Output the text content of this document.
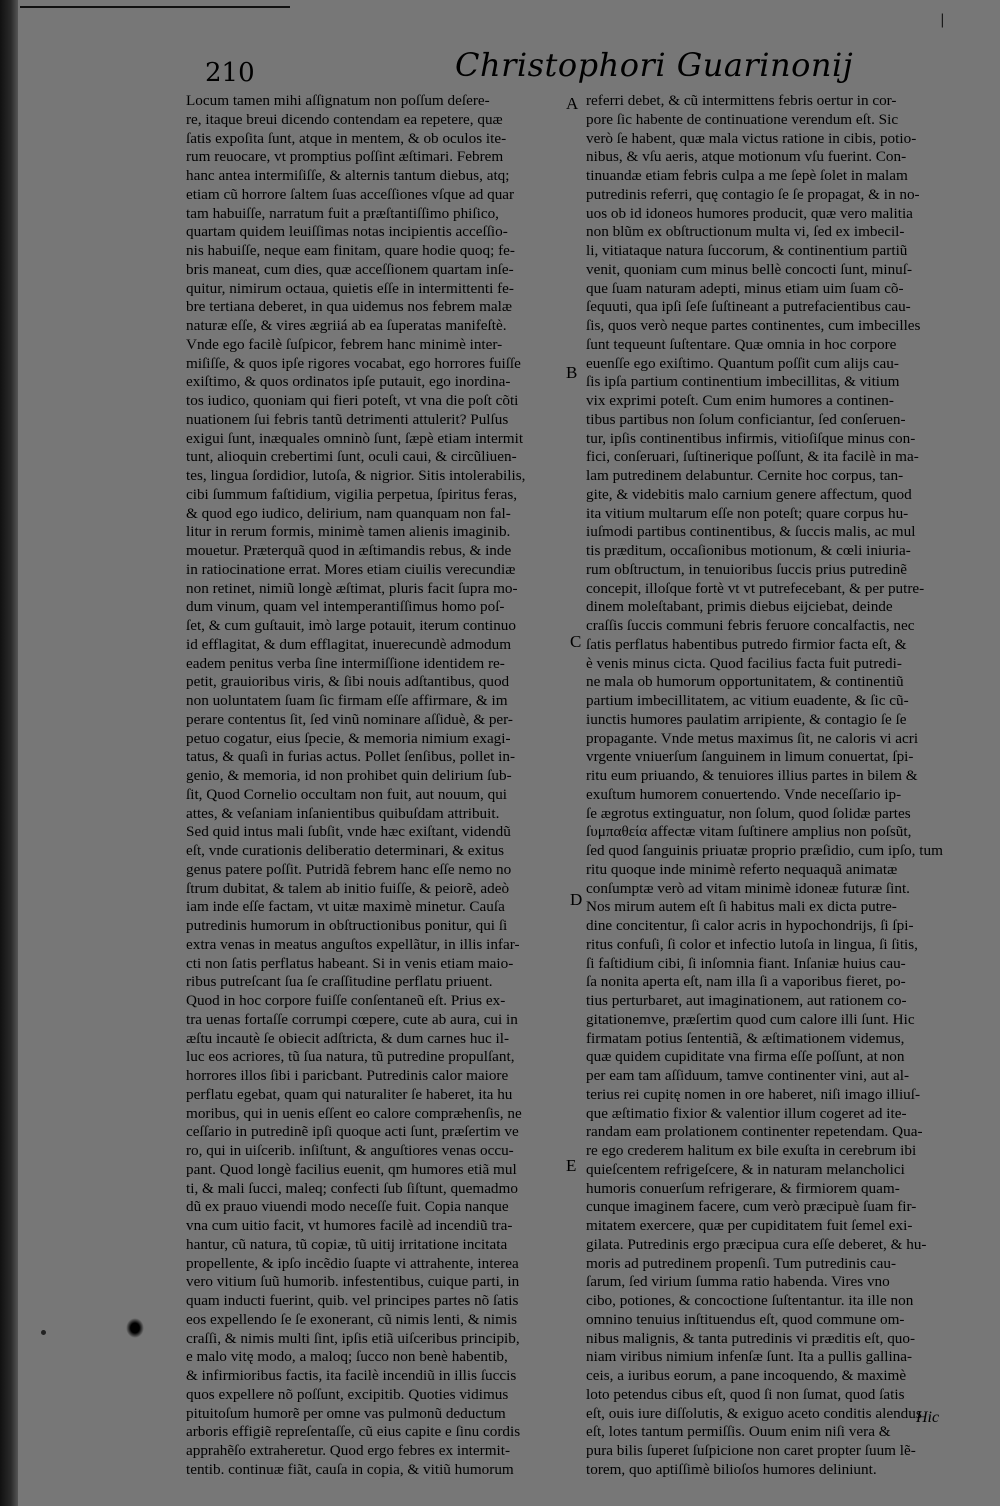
|
210	Christophori Guarinonij

Locum tamen mihi aſſignatum non poſſum deſere-

re, itaque breui dicendo contendam ea repetere, quæ

ſatis expoſita ſunt, atque in mentem, & ob oculos ite-

rum reuocare, vt promptius poſſint æſtimari. Febrem

hanc antea intermiſiſſe, & alternis tantum diebus, atq;

etiam cũ horrore ſaltem ſuas acceſſiones vſque ad quar

tam habuiſſe, narratum fuit a præſtantiſſimo phiſico,

quartam quidem leuiſſimas notas incipientis acceſſio-

nis habuiſſe, neque eam finitam, quare hodie quoq; fe-

bris maneat, cum dies, quæ acceſſionem quartam inſe-

quitur, nimirum octaua, quietis eſſe in intermittenti fe-

bre tertiana deberet, in qua uidemus nos febrem malæ

naturæ eſſe, & vires ægriiá ab ea ſuperatas manifeſtè.

Vnde ego facilè ſuſpicor, febrem hanc minimè inter-

miſiſſe, & quos ipſe rigores vocabat, ego horrores fuiſſe

exiſtimo, & quos ordinatos ipſe putauit, ego inordina-

tos iudico, quoniam qui fieri poteſt, vt vna die poſt cõti

nuationem ſui febris tantũ detrimenti attulerit? Pulſus

exigui ſunt, inæquales omninò ſunt, ſæpè etiam intermit

tunt, alioquin crebertimi ſunt, oculi caui, & circũliuen-

tes, lingua ſordidior, lutoſa, & nigrior. Sitis intolerabilis,

cibi ſummum faſtidium, vigilia perpetua, ſpiritus feras,

& quod ego iudico, delirium, nam quanquam non fal-

litur in rerum formis, minimè tamen alienis imaginib.

mouetur. Præterquã quod in æſtimandis rebus, & inde

in ratiocinatione errat. Mores etiam ciuilis verecundiæ

non retinet, nimiũ longè æſtimat, pluris facit ſupra mo-

dum vinum, quam vel intemperantiſſimus homo poſ-

ſet, & cum guſtauit, imò large potauit, iterum continuo

id efflagitat, & dum efflagitat, inuerecundè admodum

eadem penitus verba ſine intermiſſione identidem re-

petit, grauioribus viris, & ſibi nouis adſtantibus, quod

non uoluntatem ſuam ſic firmam eſſe affirmare, & im

perare contentus ſit, ſed vinũ nominare aſſiduè, & per-

petuo cogatur, eius ſpecie, & memoria nimium exagi-

tatus, & quaſi in furias actus. Pollet ſenſibus, pollet in-

genio, & memoria, id non prohibet quin delirium ſub-

ſit, Quod Cornelio occultam non fuit, aut nouum, qui

attes, & veſaniam inſanientibus quibuſdam attribuit.

Sed quid intus mali ſubſit, vnde hæc exiſtant, videndũ

eſt, vnde curationis deliberatio determinari, & exitus

genus patere poſſit. Putridã febrem hanc eſſe nemo no

ſtrum dubitat, & talem ab initio fuiſſe, & peiorẽ, adeò

iam inde eſſe factam, vt uitæ maximè minetur. Cauſa

putredinis humorum in obſtructionibus ponitur, qui ſi

extra venas in meatus anguſtos expellãtur, in illis infar-

cti non ſatis perflatus habeant. Si in venis etiam maio-

ribus putreſcant ſua ſe craſſitudine perflatu priuent.

Quod in hoc corpore fuiſſe conſentaneũ eſt. Prius ex-

tra uenas fortaſſe corrumpi cœpere, cute ab aura, cui in

æſtu incautè ſe obiecit adſtricta, & dum carnes huc il-

luc eos acriores, tũ ſua natura, tũ putredine propulſant,

horrores illos ſibi i paricbant. Putredinis calor maiore

perflatu egebat, quam qui naturaliter ſe haberet, ita hu

moribus, qui in uenis eſſent eo calore compræhenſis, ne

ceſſario in putredinẽ ipſi quoque acti ſunt, præſertim ve

ro, qui in uiſcerib. inſiſtunt, & anguſtiores venas occu-

pant. Quod longè facilius euenit, qm humores etiã mul

ti, & mali ſucci, maleq; confecti ſub ſiſtunt, quemadmo

dũ ex prauo viuendi modo neceſſe fuit. Copia nanque

vna cum uitio facit, vt humores facilè ad incendiũ tra-

hantur, cũ natura, tũ copiæ, tũ uitij irritatione incitata

propellente, & ipſo incẽdio ſuapte vi attrahente, interea

vero vitium ſuũ humorib. infestentibus, cuique parti, in

quam inducti fuerint, quib. vel principes partes nõ ſatis

eos expellendo ſe ſe exonerant, cũ nimis lenti, & nimis

craſſi, & nimis multi ſint, ipſis etiã uiſceribus principib,

e malo vitę modo, a maloq; ſucco non benè habentib,

& infirmioribus factis, ita facilè incendiũ in illis ſuccis

quos expellere nõ poſſunt, excipitib. Quoties vidimus

pituitoſum humorẽ per omne vas pulmonũ deductum

arboris effigiẽ repreſentaſſe, cũ eius capite e ſinu cordis

apprahẽſo extraheretur. Quod ergo febres ex intermit-

tentib. continuæ fiãt, cauſa in copia, & vitiũ humorum

referri debet, & cũ intermittens febris oertur in cor-

pore ſic habente de continuatione verendum eſt. Sic

verò ſe habent, quæ mala victus ratione in cibis, potio-

nibus, & vſu aeris, atque motionum vſu fuerint. Con-

tinuandæ etiam febris culpa a me ſepè ſolet in malam

putredinis referri, quę contagio ſe ſe propagat, & in no-

uos ob id idoneos humores producit, quæ vero malitia

non blũm ex obſtructionum multa vi, ſed ex imbecil-

li, vitiataque natura ſuccorum, & continentium partiũ

venit, quoniam cum minus bellè concocti ſunt, minuſ-

que ſuam naturam adepti, minus etiam uim ſuam cõ-

ſequuti, qua ipſi ſeſe ſuſtineant a putrefacientibus cau-

ſis, quos verò neque partes continentes, cum imbecilles

ſunt tequeunt ſuſtentare. Quæ omnia in hoc corpore

euenſſe ego exiſtimo. Quantum poſſit cum alijs cau-

ſis ipſa partium continentium imbecillitas, & vitium

vix exprimi poteſt. Cum enim humores a continen-

tibus partibus non ſolum conficiantur, ſed conſeruen-

tur, ipſis continentibus infirmis, vitioſiſque minus con-

fici, conſeruari, ſuſtinerique poſſunt, & ita facilè in ma-

lam putredinem delabuntur. Cernite hoc corpus, tan-

gite, & videbitis malo carnium genere affectum, quod

ita vitium multarum eſſe non poteſt; quare corpus hu-

iuſmodi partibus continentibus, & ſuccis malis, ac mul

tis præditum, occaſionibus motionum, & cœli iniuria-

rum obſtructum, in tenuioribus ſuccis prius putredinẽ

concepit, illoſque fortè vt vt putrefecebant, & per putre-

dinem moleſtabant, primis diebus eijciebat, deinde

craſſis ſuccis communi febris feruore concalfactis, nec

ſatis perflatus habentibus putredo firmior facta eſt, &

è venis minus cicta. Quod facilius facta fuit putredi-

ne mala ob humorum opportunitatem, & continentiũ

partium imbecillitatem, ac vitium euadente, & ſic cũ-

iunctis humores paulatim arripiente, & contagio ſe ſe

propagante. Vnde metus maximus ſit, ne caloris vi acri

vrgente vniuerſum ſanguinem in limum conuertat, ſpi-

ritu eum priuando, & tenuiores illius partes in bilem &

exuſtum humorem conuertendo. Vnde neceſſario ip-

ſe ægrotus extinguatur, non ſolum, quod ſolidæ partes

ſυμπαθεία affectæ vitam ſuſtinere amplius non poſsũt,

ſed quod ſanguinis priuatæ proprio præſidio, cum ipſo, tum

ritu quoque inde minimè referto nequaquã animatæ

conſumptæ verò ad vitam minimè idoneæ futuræ ſint.

Nos mirum autem eſt ſi habitus mali ex dicta putre-

dine concitentur, ſi calor acris in hypochondrijs, ſi ſpi-

ritus confuſi, ſi color et infectio lutoſa in lingua, ſi ſitis,

ſi faſtidium cibi, ſi inſomnia fiant. Inſaniæ huius cau-

ſa nonita aperta eſt, nam illa ſi a vaporibus fieret, po-

tius perturbaret, aut imaginationem, aut rationem co-

gitationemve, præſertim quod cum calore illi ſunt. Hic

firmatam potius ſententiã, & æſtimationem videmus,

quæ quidem cupiditate vna firma eſſe poſſunt, at non

per eam tam aſſiduum, tamve continenter vini, aut al-

terius rei cupitę nomen in ore haberet, niſi imago illiuſ-

que æſtimatio fixior & valentior illum cogeret ad ite-

randam eam prolationem continenter repetendam. Qua-

re ego crederem halitum ex bile exuſta in cerebrum ibi

quieſcentem refrigeſcere, & in naturam melancholici

humoris conuerſum refrigerare, & firmiorem quam-

cunque imaginem facere, cum verò præcipuè ſuam fir-

mitatem exercere, quæ per cupiditatem fuit ſemel exi-

gilata. Putredinis ergo præcipua cura eſſe deberet, & hu-

moris ad putredinem propenſi. Tum putredinis cau-

ſarum, ſed virium ſumma ratio habenda. Vires vno

cibo, potiones, & concoctione ſuſtentantur. ita ille non

omnino tenuius inſtituendus eſt, quod commune om-

nibus malignis, & tanta putredinis vi præditis eſt, quo-

niam viribus nimium infenſæ ſunt. Ita a pullis gallina-

ceis, a iuribus eorum, a pane incoquendo, & maximè

loto petendus cibus eſt, quod ſi non ſumat, quod ſatis

eſt, ouis iure diſſolutis, & exiguo aceto conditis alendus

eſt, lotes tantum permiſſis. Ouum enim niſi vera &

pura bilis ſuperet ſuſpicione non caret propter ſuum lẽ-

torem, quo aptiſſimè bilioſos humores deliniunt.

A
B
C
D
E
Hic
